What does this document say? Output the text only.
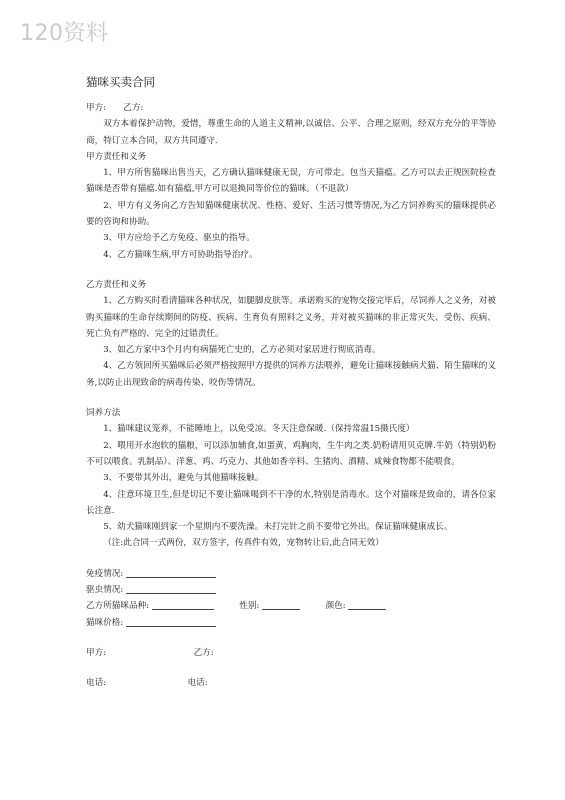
120资料
猫咪买卖合同

甲方:　　乙方:

双方本着保护动物，爱惜，尊重生命的人道主义精神,以诚信、公平、合理之原则，经双方充分的平等协商，特订立本合同，双方共同遵守.

甲方责任和义务

1、甲方所售猫咪出售当天，乙方确认猫咪健康无误，方可带走。包当天猫瘟。乙方可以去正规医院检查猫咪是否带有猫瘟.如有猫瘟,甲方可以退换同等价位的猫咪。（不退款）

2、甲方有义务向乙方告知猫咪健康状况、性格、爱好、生活习惯等情况,为乙方饲养购买的猫咪提供必要的咨询和协助。

3、甲方应给予乙方免疫、驱虫的指导。

4、乙方猫咪生病,甲方可协助指导治疗。

乙方责任和义务

1、乙方购买时看清猫咪各种状况，如腿脚皮肤等。承诺购买的宠物交接完毕后，尽饲养人之义务，对被购买猫咪的生命存续期间的防疫、疾病、生育负有照料之义务，并对被买猫咪的非正常灭失、受伤、疾病、死亡负有严格的、完全的过错责任。

3、如乙方家中3个月内有病猫死亡史的，乙方必须对家居进行彻底消毒。

4、乙方领回所买猫咪后必须严格按照甲方提供的饲养方法喂养，避免让猫咪接触病犬猫、陌生猫咪的义务,以防止出现致命的病毒传染、咬伤等情况。

饲养方法

1、猫咪建议笼养，不能睡地上，以免受凉。冬天注意保暖.（保持常温15摄氏度）

2、喂用开水泡软的猫粮，可以添加辅食,如蛋黄，鸡胸肉，生牛肉之类.奶粉请用贝克牌.牛奶（特别奶粉不可以喂食。乳制品）、洋葱、鸡、巧克力、其他如香辛料、生猪肉、酒精、咸辣食物都不能喂食。

3、不要带其外出，避免与其他猫咪接触。

4、注意环境卫生,但是切记不要让猫咪喝到不干净的水,特别是消毒水。这个对猫咪是致命的，请各位家长注意.

5、幼犬猫咪刚到家一个星期内不要洗澡。未打完针之前不要带它外出。保证猫咪健康成长。

（注:此合同一式两份，双方签字，传真件有效，宠物转让后,此合同无效）

免疫情况:
驱虫情况:
乙方所猫咪品种:	性别:	颜色:
猫咪价格:
甲方:	乙方:
电话:	电话:
